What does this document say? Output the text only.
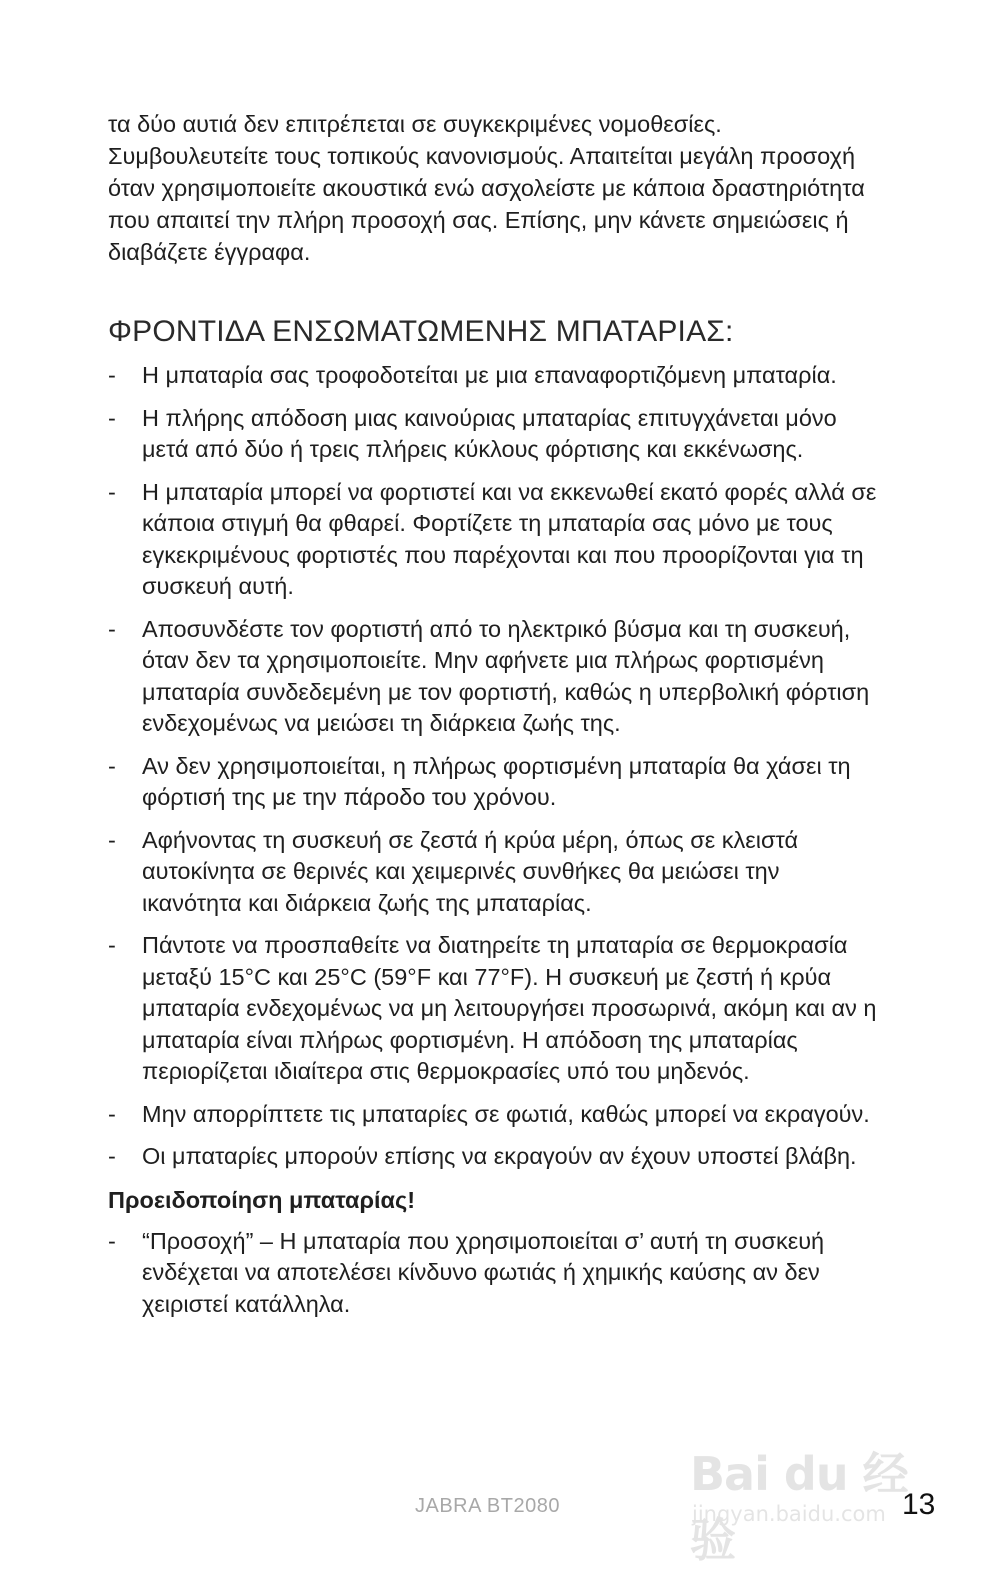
τα δύο αυτιά δεν επιτρέπεται σε συγκεκριμένες νομοθεσίες. Συμβουλευτείτε τους τοπικούς κανονισμούς. Απαιτείται μεγάλη προσοχή όταν χρησιμοποιείτε ακουστικά ενώ ασχολείστε με κάποια δραστηριότητα που απαιτεί την πλήρη προσοχή σας. Επίσης, μην κάνετε σημειώσεις ή διαβάζετε έγγραφα.

ΦΡΟΝΤΙΔΑ ΕΝΣΩΜΑΤΩΜΕΝΗΣ ΜΠΑΤΑΡΙΑΣ:
- Η μπαταρία σας τροφοδοτείται με μια επαναφορτιζόμενη μπαταρία.
- Η πλήρης απόδοση μιας καινούριας μπαταρίας επιτυγχάνεται μόνο μετά από δύο ή τρεις πλήρεις κύκλους φόρτισης και εκκένωσης.
- Η μπαταρία μπορεί να φορτιστεί και να εκκενωθεί εκατό φορές αλλά σε κάποια στιγμή θα φθαρεί. Φορτίζετε τη μπαταρία σας μόνο με τους εγκεκριμένους φορτιστές που παρέχονται και που προορίζονται για τη συσκευή αυτή.
- Αποσυνδέστε τον φορτιστή από το ηλεκτρικό βύσμα και τη συσκευή, όταν δεν τα χρησιμοποιείτε. Μην αφήνετε μια πλήρως φορτισμένη μπαταρία συνδεδεμένη με τον φορτιστή, καθώς η υπερβολική φόρτιση ενδεχομένως να μειώσει τη διάρκεια ζωής της.
- Αν δεν χρησιμοποιείται, η πλήρως φορτισμένη μπαταρία θα χάσει τη φόρτισή της με την πάροδο του χρόνου.
- Αφήνοντας τη συσκευή σε ζεστά ή κρύα μέρη, όπως σε κλειστά αυτοκίνητα σε θερινές και χειμερινές συνθήκες θα μειώσει την ικανότητα και διάρκεια ζωής της μπαταρίας.
- Πάντοτε να προσπαθείτε να διατηρείτε τη μπαταρία σε θερμοκρασία μεταξύ 15°C και 25°C (59°F και 77°F). Η συσκευή με ζεστή ή κρύα μπαταρία ενδεχομένως να μη λειτουργήσει προσωρινά, ακόμη και αν η μπαταρία είναι πλήρως φορτισμένη. Η απόδοση της μπαταρίας περιορίζεται ιδιαίτερα στις θερμοκρασίες υπό του μηδενός.
- Μην απορρίπτετε τις μπαταρίες σε φωτιά, καθώς μπορεί να εκραγούν.
- Οι μπαταρίες μπορούν επίσης να εκραγούν αν έχουν υποστεί βλάβη.
Προειδοποίηση μπαταρίας!
- “Προσοχή” – Η μπαταρία που χρησιμοποιείται σ’ αυτή τη συσκευή ενδέχεται να αποτελέσει κίνδυνο φωτιάς ή χημικής καύσης αν δεν χειριστεί κατάλληλα.
JABRA BT2080
Bai du 经验
jingyan.baidu.com 13
